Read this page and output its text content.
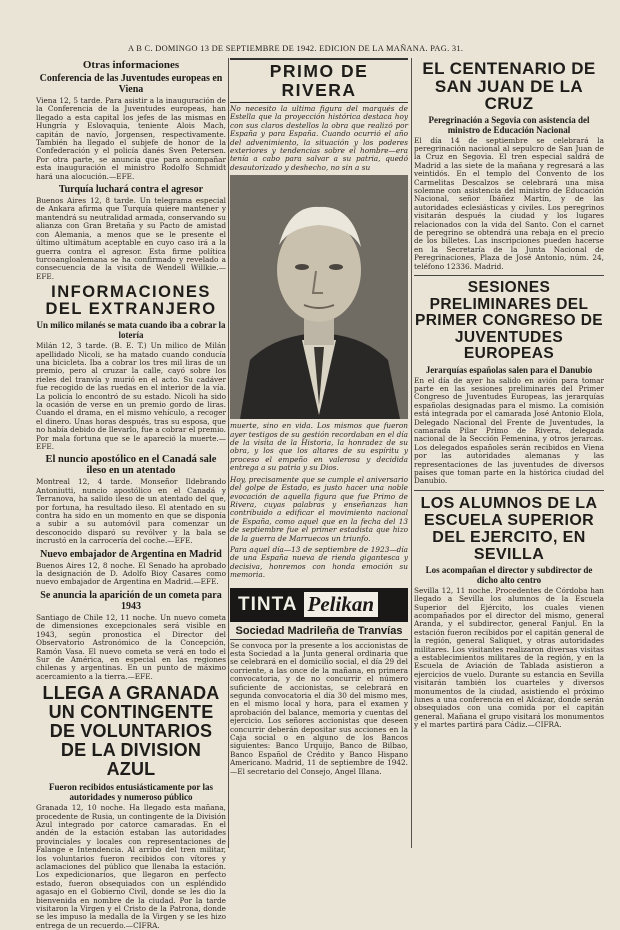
A B C. DOMINGO 13 DE SEPTIEMBRE DE 1942. EDICION DE LA MAÑANA. PAG. 31.
Otras informaciones
Conferencia de las Juventudes europeas en Viena

Viena 12, 5 tarde. Para asistir a la inauguración de la Conferencia de la Juventudes europeas, han llegado a esta capital los jefes de las mismas en Hungría y Eslovaquia, teniente Alois Mach, capitán de navío, Jorgensen, respectivamente. También ha llegado el subjefe de honor de la Confederación y el policía danés Sven Petersen. Por otra parte, se anuncia que para acompañar esta inauguración el ministro Rodolfo Schmidt hará una alocución.—EFE.

Turquía luchará contra el agresor

Buenos Aires 12, 8 tarde. Un telegrama especial de Ankara afirma que Turquía quiere mantener y mantendrá su neutralidad armada, conservando su alianza con Gran Bretaña y su Pacto de amistad con Alemania, a menos que se le presente el último ultimátum aceptable en cuyo caso irá a la guerra contra el agresor. Esta firme política turcoangloalemana se ha confirmado y revelado a consecuencia de la visita de Wendell Willkie.—EFE.

INFORMACIONES DEL EXTRANJERO
Un milico milanés se mata cuando iba a cobrar la lotería

Milán 12, 3 tarde. (B. E. T.) Un milico de Milán apellidado Nicoli, se ha matado cuando conducía una bicicleta. Iba a cobrar los tres mil liras de un premio, pero al cruzar la calle, cayó sobre los rieles del tranvía y murió en el acto. Su cadáver fue recogido de las ruedas en el interior de la vía. La policía lo encontró de su estado. Nicoli ha sido la ocasión de verse en un premio gordo de liras. Cuando el drama, en el mismo vehículo, a recoger el dinero. Unas horas después, tras su esposa, que no había debido de llevarlo, fue a cobrar el premio. Por mala fortuna que se le apareció la muerte.—EFE.

El nuncio apostólico en el Canadá sale ileso en un atentado

Montreal 12, 4 tarde. Monseñor Ildebrando Antoniutti, nuncio apostólico en el Canadá y Terranova, ha salido ileso de un atentado del que, por fortuna, ha resultado ileso. El atentado en su contra ha sido en un momento en que se disponía a subir a su automóvil para comenzar un desconocido disparó su revólver y la bala se incrustó en la carrocería del coche.—EFE.

Nuevo embajador de Argentina en Madrid

Buenos Aires 12, 8 noche. El Senado ha aprobado la designación de D. Adolfo Bioy Casares como nuevo embajador de Argentina en Madrid.—EFE.

Se anuncia la aparición de un cometa para 1943

Santiago de Chile 12, 11 noche. Un nuevo cometa de dimensiones excepcionales será visible en 1943, según pronostica el Director del Observatorio Astronómico de la Concepción, Ramón Vasa. El nuevo cometa se verá en todo el Sur de América, en especial en las regiones chilenas y argentinas. En un punto de máximo acercamiento a la tierra.—EFE.

LLEGA A GRANADA UN CONTINGENTE DE VOLUNTARIOS DE LA DIVISION AZUL
Fueron recibidos entusiásticamente por las autoridades y numeroso público

Granada 12, 10 noche. Ha llegado esta mañana, procedente de Rusia, un contingente de la División Azul integrado por catorce camaradas. En el andén de la estación estaban las autoridades provinciales y locales con representaciones de Falange e Intendencia. Al arribo del tren militar, los voluntarios fueron recibidos con vítores y aclamaciones del público que llenaba la estación. Los expedicionarios, que llegaron en perfecto estado, fueron obsequiados con un espléndido agasajo en el Gobierno Civil, donde se les dio la bienvenida en nombre de la ciudad. Por la tarde visitaron la Virgen y el Cristo de la Patrona, donde se les impuso la medalla de la Virgen y se les hizo entrega de un recuerdo.—CIFRA.

PRIMO DE RIVERA

No necesito la ultima figura del marqués de Estella que la proyección histórica destaca hoy con sus claros destellos la obra que realizó por España y para España. Cuando ocurrió el año del advenimiento, la situación y los poderes exteriores y tendencias sobre el hombre—era tenía a cabo para salvar a su patria, quedó desautorizado y deshecho, no sin a su

muerte, sino en vida. Los mismos que fueron ayer testigos de su gestión recordaban en el día de la visita de la Historia, la honradez de su obra, y los que los altares de su espíritu y proceso el empeño en valerosa y decidida entrega a su patria y su Dios.

Hoy, precisamente que se cumple el aniversario del golpe de Estado, es justo hacer una noble evocación de aquella figura que fue Primo de Rivera, cuyas palabras y enseñanzas han contribuido a edificar el movimiento nacional de España, como aquel que en la fecha del 13 de septiembre fue el primer estadista que hizo de la guerra de Marruecos un triunfo.

Para aquel día—13 de septiembre de 1923—día de una España nueva de rienda gigantesca y decisiva, honremos con honda emoción su memoria.

TINTA Pelikan
Sociedad Madrileña de Tranvías

Se convoca por la presente a los accionistas de esta Sociedad a la Junta general ordinaria que se celebrará en el domicilio social, el día 29 del corriente, a las once de la mañana, en primera convocatoria, y de no concurrir el número suficiente de accionistas, se celebrará en segunda convocatoria el día 30 del mismo mes, en el mismo local y hora, para el examen y aprobación del balance, memoria y cuentas del ejercicio. Los señores accionistas que deseen concurrir deberán depositar sus acciones en la Caja social o en alguno de los Bancos siguientes: Banco Urquijo, Banco de Bilbao, Banco Español de Crédito y Banco Hispano Americano. Madrid, 11 de septiembre de 1942.—El secretario del Consejo, Angel Illana.

EL CENTENARIO DE SAN JUAN DE LA CRUZ
Peregrinación a Segovia con asistencia del ministro de Educación Nacional

El día 14 de septiembre se celebrará la peregrinación nacional al sepulcro de San Juan de la Cruz en Segovia. El tren especial saldrá de Madrid a las siete de la mañana y regresará a las veintidós. En el templo del Convento de los Carmelitas Descalzos se celebrará una misa solemne con asistencia del ministro de Educación Nacional, señor Ibáñez Martín, y de las autoridades eclesiásticas y civiles. Los peregrinos visitarán después la ciudad y los lugares relacionados con la vida del Santo. Con el carnet de peregrino se obtendrá una rebaja en el precio de los billetes. Las inscripciones pueden hacerse en la Secretaría de la Junta Nacional de Peregrinaciones, Plaza de José Antonio, núm. 24, teléfono 12336. Madrid.

SESIONES PRELIMINARES DEL PRIMER CONGRESO DE JUVENTUDES EUROPEAS
Jerarquías españolas salen para el Danubio

En el día de ayer ha salido en avión para tomar parte en las sesiones preliminares del Primer Congreso de Juventudes Europeas, las jerarquías españolas designadas para el mismo. La comisión está integrada por el camarada José Antonio Elola, Delegado Nacional del Frente de Juventudes, la camarada Pilar Primo de Rivera, delegada nacional de la Sección Femenina, y otros jerarcas. Los delegados españoles serán recibidos en Viena por las autoridades alemanas y las representaciones de las juventudes de diversos países que toman parte en la histórica ciudad del Danubio.

LOS ALUMNOS DE LA ESCUELA SUPERIOR DEL EJERCITO, EN SEVILLA
Los acompañan el director y subdirector de dicho alto centro

Sevilla 12, 11 noche. Procedentes de Córdoba han llegado a Sevilla los alumnos de la Escuela Superior del Ejército, los cuales vienen acompañados por el director del mismo, general Aranda, y el subdirector, general Fanjul. En la estación fueron recibidos por el capitán general de la región, general Saliquet, y otras autoridades militares. Los visitantes realizaron diversas visitas a establecimientos militares de la región, y en la Escuela de Aviación de Tablada asistieron a ejercicios de vuelo. Durante su estancia en Sevilla visitarán también los cuarteles y diversos monumentos de la ciudad, asistiendo el próximo lunes a una conferencia en el Alcázar, donde serán obsequiados con una comida por el capitán general. Mañana el grupo visitará los monumentos y el martes partirá para Cádiz.—CIFRA.
